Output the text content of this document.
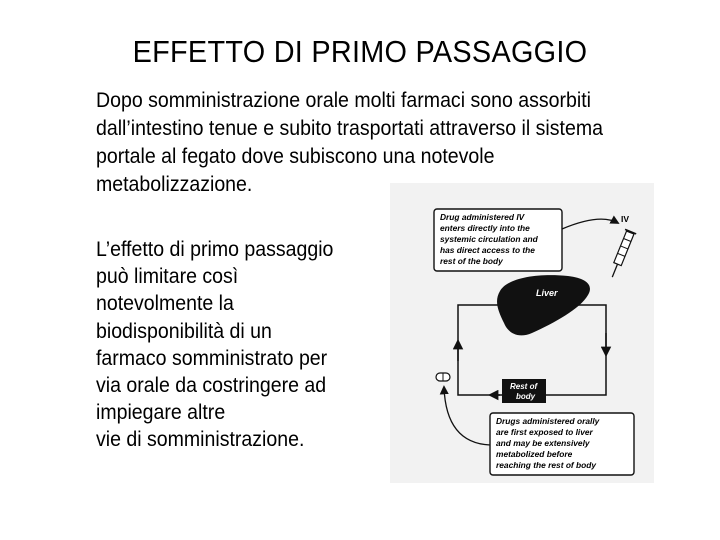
EFFETTO DI PRIMO PASSAGGIO
Dopo somministrazione orale molti farmaci sono assorbiti
dall’intestino tenue e subito trasportati attraverso il sistema
portale al fegato dove subiscono una notevole
metabolizzazione.
L’effetto di primo passaggio
può limitare così
notevolmente la
biodisponibilità di un
farmaco somministrato per
via orale da costringere ad
impiegare altre
vie di somministrazione.
Drug administered IV
enters directly into the
systemic circulation and
has direct access to the
rest of the body
IV
Liver
Rest of
body
Drugs administered orally
are first exposed to liver
and may be extensively
metabolized before
reaching the rest of body
